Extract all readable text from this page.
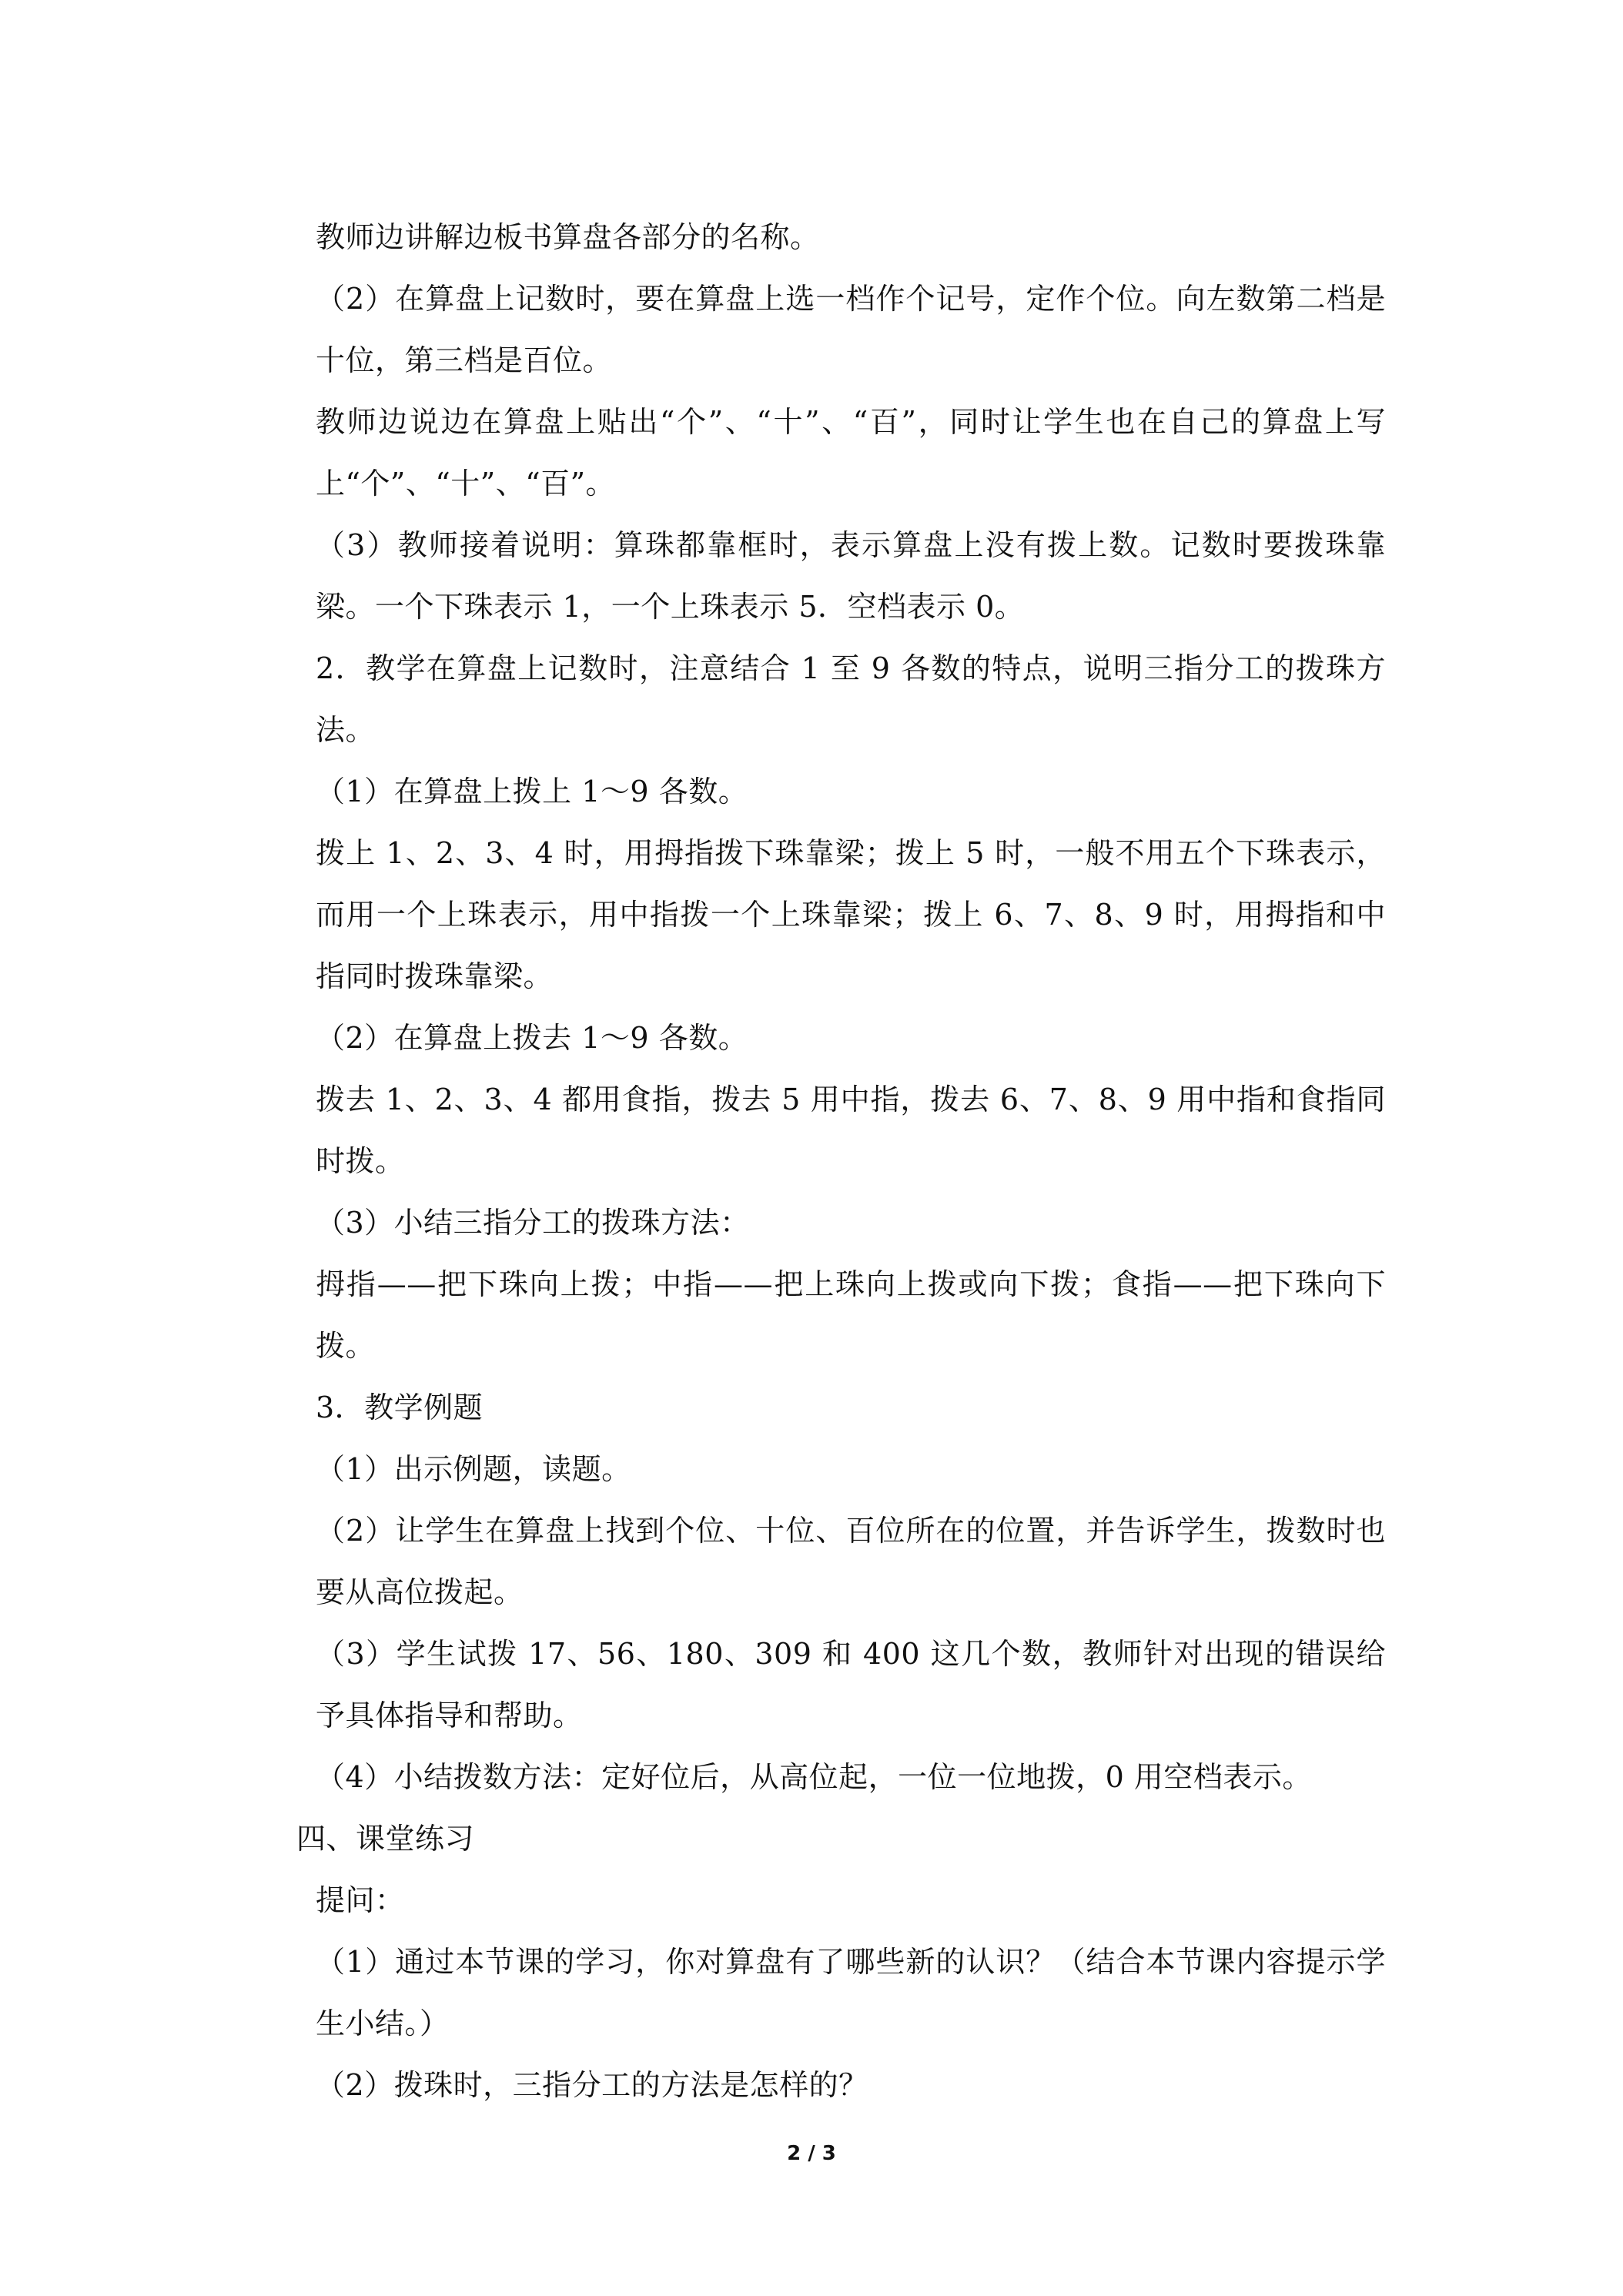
教师边讲解边板书算盘各部分的名称。

（2）在算盘上记数时，要在算盘上选一档作个记号，定作个位。向左数第二档是十位，第三档是百位。

教师边说边在算盘上贴出“个”、“十”、“百”，同时让学生也在自己的算盘上写上“个”、“十”、“百”。

（3）教师接着说明：算珠都靠框时，表示算盘上没有拨上数。记数时要拨珠靠梁。一个下珠表示 1，一个上珠表示 5．空档表示 0。

2．教学在算盘上记数时，注意结合 1 至 9 各数的特点，说明三指分工的拨珠方法。

（1）在算盘上拨上 1～9 各数。

拨上 1、2、3、4 时，用拇指拨下珠靠梁；拨上 5 时，一般不用五个下珠表示，而用一个上珠表示，用中指拨一个上珠靠梁；拨上 6、7、8、9 时，用拇指和中指同时拨珠靠梁。

（2）在算盘上拨去 1～9 各数。

拨去 1、2、3、4 都用食指，拨去 5 用中指，拨去 6、7、8、9 用中指和食指同时拨。

（3）小结三指分工的拨珠方法：

拇指——把下珠向上拨；中指——把上珠向上拨或向下拨；食指——把下珠向下拨。

3．教学例题

（1）出示例题，读题。

（2）让学生在算盘上找到个位、十位、百位所在的位置，并告诉学生，拨数时也要从高位拨起。

（3）学生试拨 17、56、180、309 和 400 这几个数，教师针对出现的错误给予具体指导和帮助。

（4）小结拨数方法：定好位后，从高位起，一位一位地拨，0 用空档表示。

四、课堂练习

提问：

（1）通过本节课的学习，你对算盘有了哪些新的认识？（结合本节课内容提示学生小结。）

（2）拨珠时，三指分工的方法是怎样的？

2 / 3
